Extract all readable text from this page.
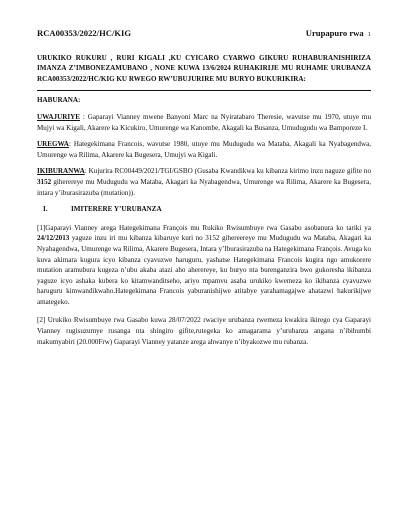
RCA00353/2022/HC/KIG	Urupapuro rwa 1

URUKIKO RUKURU , RURI KIGALI ,KU CYICARO CYARWO GIKURU RUHABURANISHIRIZA IMANZA Z’IMBONEZAMUBANO , NONE KUWA 13/6/2024 RUHAKIRIJE MU RUHAME URUBANZA RCA00353/2022/HC/KIG KU RWEGO RW’UBUJURIRE MU BURYO BUKURIKIRA:

HABURANA:

UWAJURIYE : Gaparayi Vianney mwene Banyoni Marc na Nyiratabaro Theresie, wavutse mu 1970, utuye mu Mujyi wa Kigali, Akarere ka Kicukiro, Umurenge wa Kanombe, Akagali ka Busanza, Umudugudu wa Bamporeze I.

UREGWA: Hategekimana Francois, wavutse 1980, utuye mu Mudugudu wa Mataba, Akagali ka Nyabagendwa, Umurenge wa Rilima, Akarere ka Bugesera, Umujyi wa Kigali.

IKIBURANWA: Kujurira RC00449/2021/TGI/GSBO (Gusaba Kwandikwa ku kibanza kirimo inzu naguze gifite no 3152 giherereye mu Mudugudu wa Mataba, Akagari ka Nyabagendwa, Umurenge wa Rilima, Akarere ka Bugesera, intara y’iburasirazuba (mutation)).

I.	IMITERERE Y’URUBANZA

[1]Gaparayi Vianney arega Hategekimana François mu Rukiko Rwisumbuye rwa Gasabo asobanura ko tariki ya 24/12/2013 yaguze inzu iri mu kibanza kibaruye kuri no 3152 gihereereye mu Mudugudu wa Mataba, Akagari ka Nyabagendwa, Umurenge wa Rilima, Akarere Bugesera, Intara y’Iburasirazuba na Hategekimana François. Avuga ko kuva akimara kugura icyo kibanza cyavuzwe haruguru, yashatse Hategekimana Francois kugira ngo amukorere mutation aramubura kugeza n’ubu akaba atazi aho aherereye, ku buryo nta burenganzira bwo gukoresha ikibanza yaguze icyo ashaka kubera ko kitamwanditseho, ariyo mpamvu asaba urukiko kwemeza ko ikibanza cyavuzwe haruguru kimwandikwaho.Hategekimana Francois yaburanishijwe atitabye yarahamagajwe ahatazwi hakurikijwe amategeko.

[2] Urukiko Rwisumbuye rwa Gasabo kuwa 28/07/2022 rwaciye urubanza rwemeza kwakira ikirego cya Gaparayi Vianney rugisuzumye rusanga nta shingiro gifite,rutegeka ko amagarama y’urubanza angana n’ibihumbi makumyabiri (20.000Frw) Gaparayi Vianney yatanze arega ahwanye n’ibyakozwe mu rubanza.
